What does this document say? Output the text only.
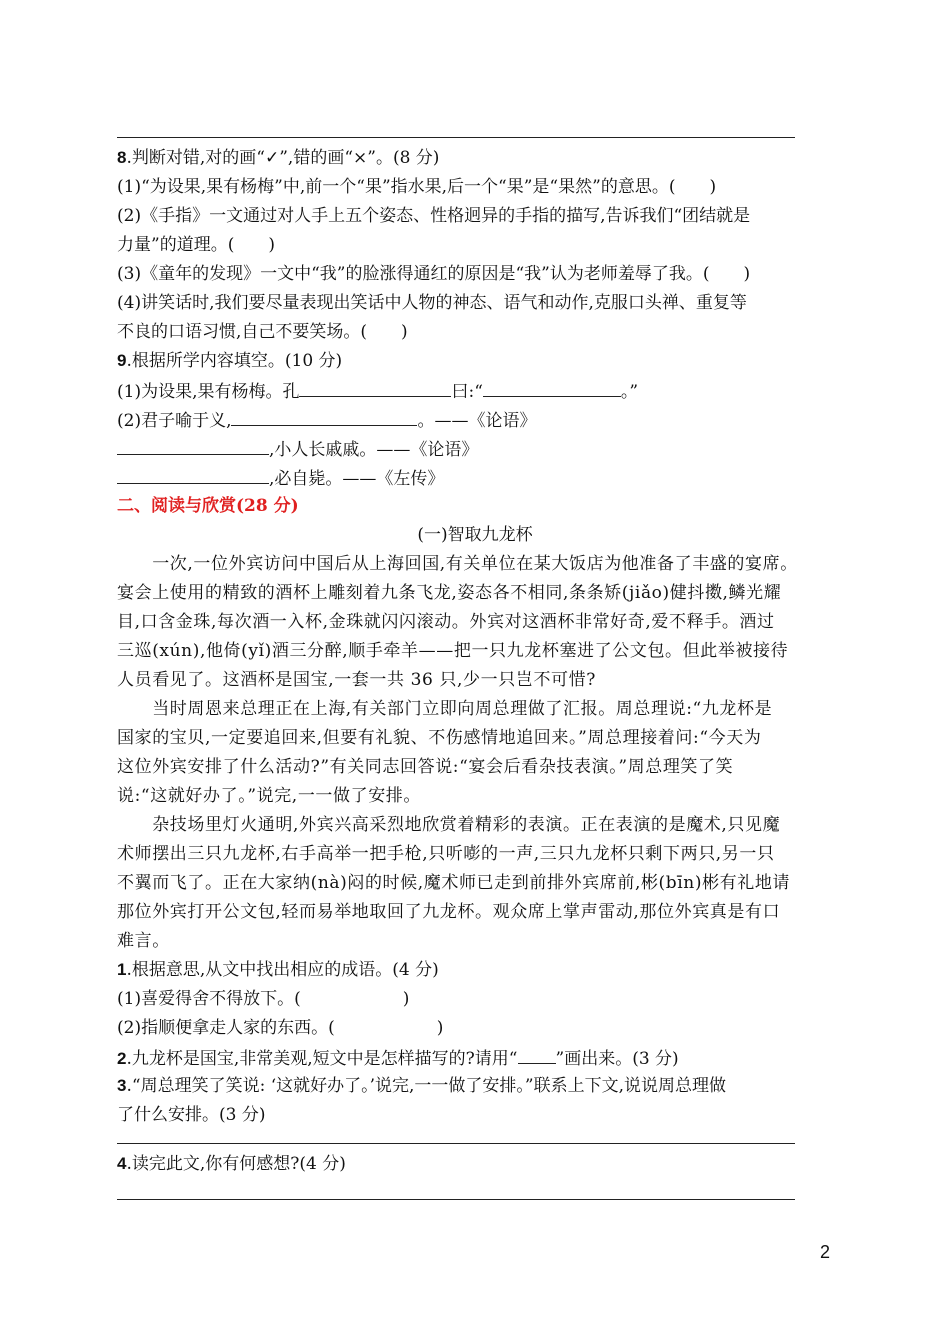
8.判断对错,对的画“✓”,错的画“×”。(8 分)
(1)“为设果,果有杨梅”中,前一个“果”指水果,后一个“果”是“果然”的意思。(　　)
(2)《手指》一文通过对人手上五个姿态、性格迥异的手指的描写,告诉我们“团结就是
力量”的道理。(　　)
(3)《童年的发现》一文中“我”的脸涨得通红的原因是“我”认为老师羞辱了我。(　　)
(4)讲笑话时,我们要尽量表现出笑话中人物的神态、语气和动作,克服口头禅、重复等
不良的口语习惯,自己不要笑场。(　　)
9.根据所学内容填空。(10 分)
(1)为设果,果有杨梅。孔	曰:“	。”
(2)君子喻于义,	。——《论语》
,小人长戚戚。——《论语》
,必自毙。——《左传》
二、阅读与欣赏(28 分)
(一)智取九龙杯
　　一次,一位外宾访问中国后从上海回国,有关单位在某大饭店为他准备了丰盛的宴席。
宴会上使用的精致的酒杯上雕刻着九条飞龙,姿态各不相同,条条矫(jiǎo)健抖擞,鳞光耀
目,口含金珠,每次酒一入杯,金珠就闪闪滚动。外宾对这酒杯非常好奇,爱不释手。酒过
三巡(xún),他倚(yǐ)酒三分醉,顺手牵羊——把一只九龙杯塞进了公文包。但此举被接待
人员看见了。这酒杯是国宝,一套一共 36 只,少一只岂不可惜?
　　当时周恩来总理正在上海,有关部门立即向周总理做了汇报。周总理说:“九龙杯是
国家的宝贝,一定要追回来,但要有礼貌、不伤感情地追回来。”周总理接着问:“今天为
这位外宾安排了什么活动?”有关同志回答说:“宴会后看杂技表演。”周总理笑了笑
说:“这就好办了。”说完,一一做了安排。
　　杂技场里灯火通明,外宾兴高采烈地欣赏着精彩的表演。正在表演的是魔术,只见魔
术师摆出三只九龙杯,右手高举一把手枪,只听嘭的一声,三只九龙杯只剩下两只,另一只
不翼而飞了。正在大家纳(nà)闷的时候,魔术师已走到前排外宾席前,彬(bīn)彬有礼地请
那位外宾打开公文包,轻而易举地取回了九龙杯。观众席上掌声雷动,那位外宾真是有口
难言。
1.根据意思,从文中找出相应的成语。(4 分)
(1)喜爱得舍不得放下。(　　　　　　)
(2)指顺便拿走人家的东西。(　　　　　　)
2.九龙杯是国宝,非常美观,短文中是怎样描写的?请用“ ”画出来。(3 分)
3.“周总理笑了笑说: ‘这就好办了。’说完,一一做了安排。”联系上下文,说说周总理做
了什么安排。(3 分)
4.读完此文,你有何感想?(4 分)
2
